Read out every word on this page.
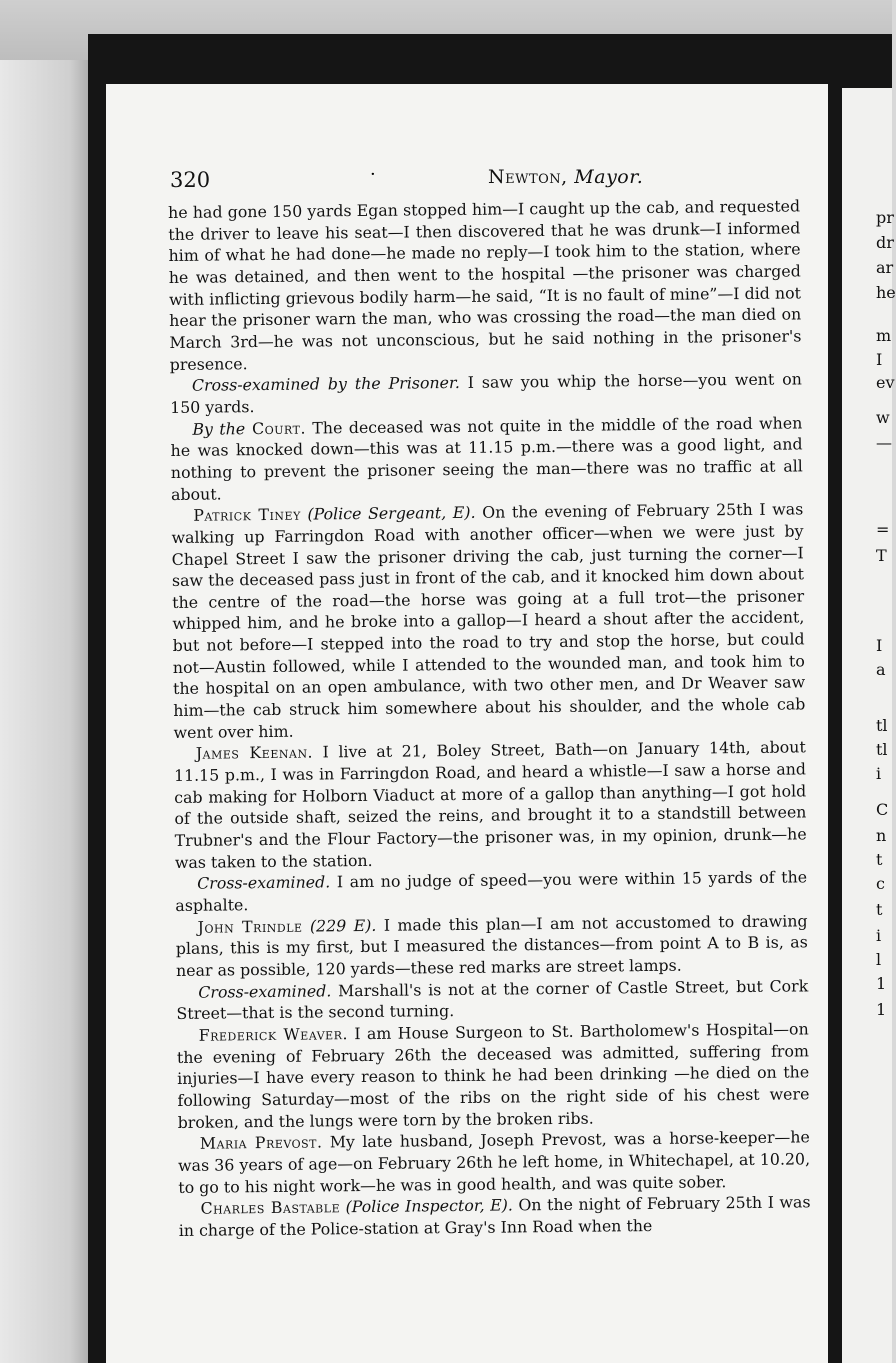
pr
dr
ar
he
m
I
ev
w
—
=
T
I
a
tl
tl
i
C
n
t
c
t
i
l
1
1
320	·	Newton, Mayor.

he had gone 150 yards Egan stopped him—I caught up the cab, and requested the driver to leave his seat—I then discovered that he was drunk—I informed him of what he had done—he made no reply—I took him to the station, where he was detained, and then went to the hospital —the prisoner was charged with inflicting grievous bodily harm—he said, “It is no fault of mine”—I did not hear the prisoner warn the man, who was crossing the road—the man died on March 3rd—he was not unconscious, but he said nothing in the prisoner's presence.

Cross-examined by the Prisoner. I saw you whip the horse—you went on 150 yards.

By the Court. The deceased was not quite in the middle of the road when he was knocked down—this was at 11.15 p.m.—there was a good light, and nothing to prevent the prisoner seeing the man—there was no traffic at all about.

Patrick Tiney (Police Sergeant, E). On the evening of February 25th I was walking up Farringdon Road with another officer—when we were just by Chapel Street I saw the prisoner driving the cab, just turning the corner—I saw the deceased pass just in front of the cab, and it knocked him down about the centre of the road—the horse was going at a full trot—the prisoner whipped him, and he broke into a gallop—I heard a shout after the accident, but not before—I stepped into the road to try and stop the horse, but could not—Austin followed, while I attended to the wounded man, and took him to the hospital on an open ambulance, with two other men, and Dr Weaver saw him—the cab struck him somewhere about his shoulder, and the whole cab went over him.

James Keenan. I live at 21, Boley Street, Bath—on January 14th, about 11.15 p.m., I was in Farringdon Road, and heard a whistle—I saw a horse and cab making for Holborn Viaduct at more of a gallop than anything—I got hold of the outside shaft, seized the reins, and brought it to a standstill between Trubner's and the Flour Factory—the prisoner was, in my opinion, drunk—he was taken to the station.

Cross-examined. I am no judge of speed—you were within 15 yards of the asphalte.

John Trindle (229 E). I made this plan—I am not accustomed to drawing plans, this is my first, but I measured the distances—from point A to B is, as near as possible, 120 yards—these red marks are street lamps.

Cross-examined. Marshall's is not at the corner of Castle Street, but Cork Street—that is the second turning.

Frederick Weaver. I am House Surgeon to St. Bartholomew's Hospital—on the evening of February 26th the deceased was admitted, suffering from injuries—I have every reason to think he had been drinking —he died on the following Saturday—most of the ribs on the right side of his chest were broken, and the lungs were torn by the broken ribs.

Maria Prevost. My late husband, Joseph Prevost, was a horse-keeper—he was 36 years of age—on February 26th he left home, in Whitechapel, at 10.20, to go to his night work—he was in good health, and was quite sober.

Charles Bastable (Police Inspector, E). On the night of February 25th I was in charge of the Police-station at Gray's Inn Road when the
